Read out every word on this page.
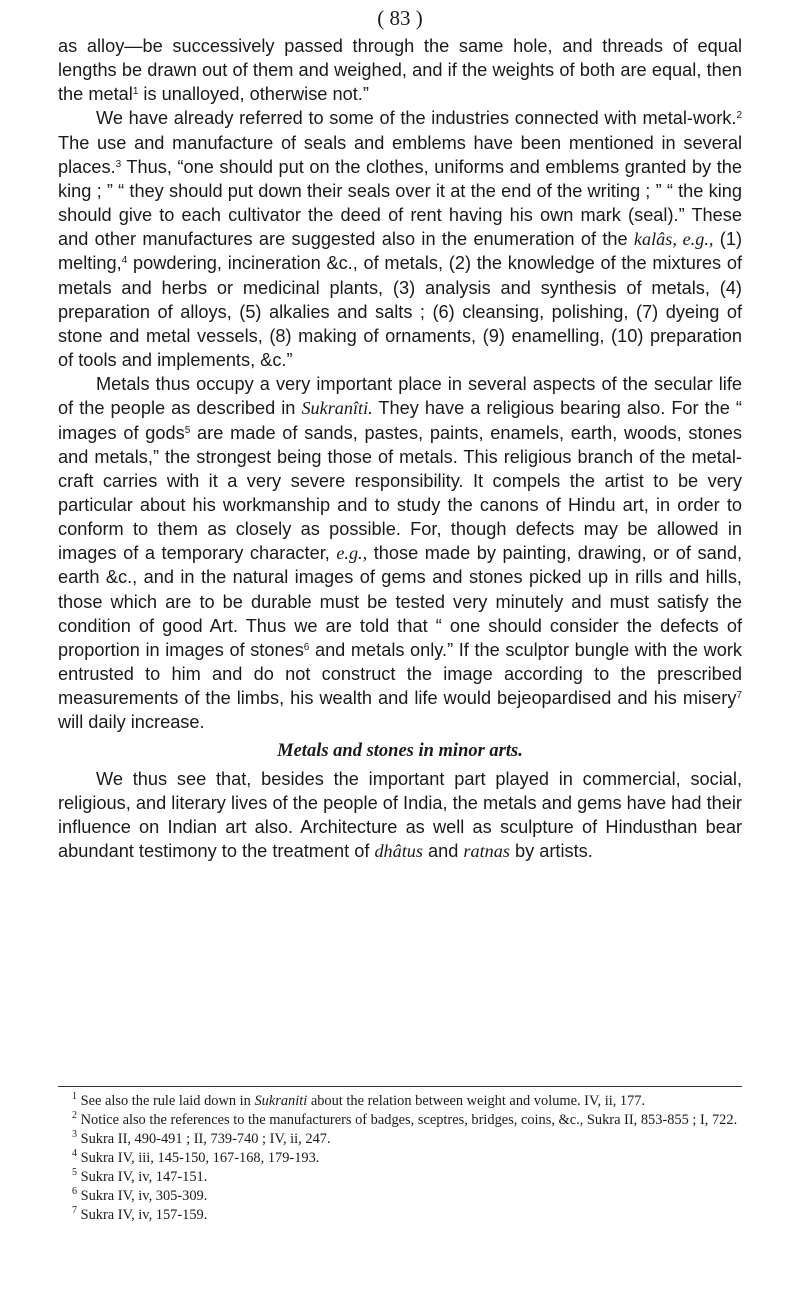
( 83 )

as alloy—be successively passed through the same hole, and threads of equal lengths be drawn out of them and weighed, and if the weights of both are equal, then the metal$^1$ is unalloyed, otherwise not.”

We have already referred to some of the industries connected with metal-work.$^2$ The use and manufacture of seals and emblems have been mentioned in several places.$^3$ Thus, “one should put on the clothes, uniforms and emblems granted by the king ; ” “ they should put down their seals over it at the end of the writing ; ” “ the king should give to each cultivator the deed of rent having his own mark (seal).” These and other manufactures are suggested also in the enumeration of the kalâs, e.g., (1) melting,$^4$ powdering, incineration &c., of metals, (2) the knowledge of the mixtures of metals and herbs or medicinal plants, (3) analysis and synthesis of metals, (4) preparation of alloys, (5) alkalies and salts ; (6) cleansing, polishing, (7) dyeing of stone and metal vessels, (8) making of ornaments, (9) enamelling, (10) preparation of tools and implements, &c.”

Metals thus occupy a very important place in several aspects of the secular life of the people as described in Sukranîti. They have a religious bearing also. For the “ images of gods$^5$ are made of sands, pastes, paints, enamels, earth, woods, stones and metals,” the strongest being those of metals. This religious branch of the metal-craft carries with it a very severe responsibility. It compels the artist to be very particular about his workmanship and to study the canons of Hindu art, in order to conform to them as closely as possible. For, though defects may be allowed in images of a temporary character, e.g., those made by painting, drawing, or of sand, earth &c., and in the natural images of gems and stones picked up in rills and hills, those which are to be durable must be tested very minutely and must satisfy the condition of good Art. Thus we are told that “ one should consider the defects of proportion in images of stones$^6$ and metals only.” If the sculptor bungle with the work entrusted to him and do not construct the image according to the prescribed measurements of the limbs, his wealth and life would bejeopardised and his misery$^7$ will daily increase.

Metals and stones in minor arts.

We thus see that, besides the important part played in commercial, social, religious, and literary lives of the people of India, the metals and gems have had their influence on Indian art also. Architecture as well as sculpture of Hindusthan bear abundant testimony to the treatment of dhâtus and ratnas by artists.

$^1$ See also the rule laid down in Sukraniti about the relation between weight and volume. IV, ii, 177.

$^2$ Notice also the references to the manufacturers of badges, sceptres, bridges, coins, &c., Sukra II, 853-855 ; I, 722.

$^3$ Sukra II, 490-491 ; II, 739-740 ; IV, ii, 247.

$^4$ Sukra IV, iii, 145-150, 167-168, 179-193.

$^5$ Sukra IV, iv, 147-151.

$^6$ Sukra IV, iv, 305-309.

$^7$ Sukra IV, iv, 157-159.
